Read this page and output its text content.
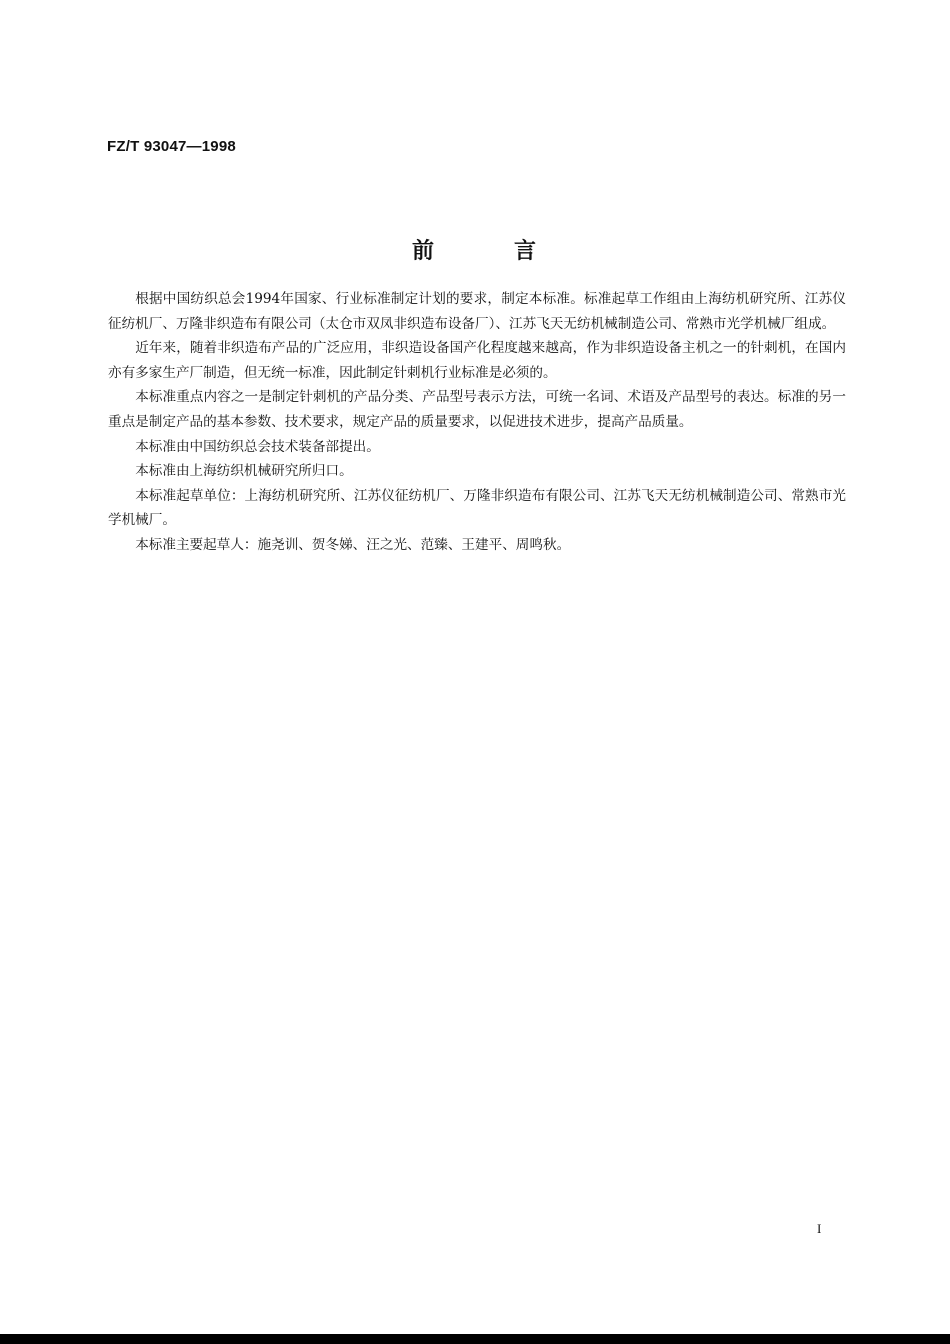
FZ/T 93047—1998
前	言

根据中国纺织总会1994年国家、行业标准制定计划的要求，制定本标准。标准起草工作组由上海纺机研究所、江苏仪征纺机厂、万隆非织造布有限公司（太仓市双凤非织造布设备厂）、江苏飞天无纺机械制造公司、常熟市光学机械厂组成。

近年来，随着非织造布产品的广泛应用，非织造设备国产化程度越来越高，作为非织造设备主机之一的针刺机，在国内亦有多家生产厂制造，但无统一标准，因此制定针刺机行业标准是必须的。

本标准重点内容之一是制定针刺机的产品分类、产品型号表示方法，可统一名词、术语及产品型号的表达。标准的另一重点是制定产品的基本参数、技术要求，规定产品的质量要求，以促进技术进步，提高产品质量。

本标准由中国纺织总会技术装备部提出。

本标准由上海纺织机械研究所归口。

本标准起草单位：上海纺机研究所、江苏仪征纺机厂、万隆非织造布有限公司、江苏飞天无纺机械制造公司、常熟市光学机械厂。

本标准主要起草人：施尧训、贺冬娣、汪之光、范臻、王建平、周鸣秋。

I
